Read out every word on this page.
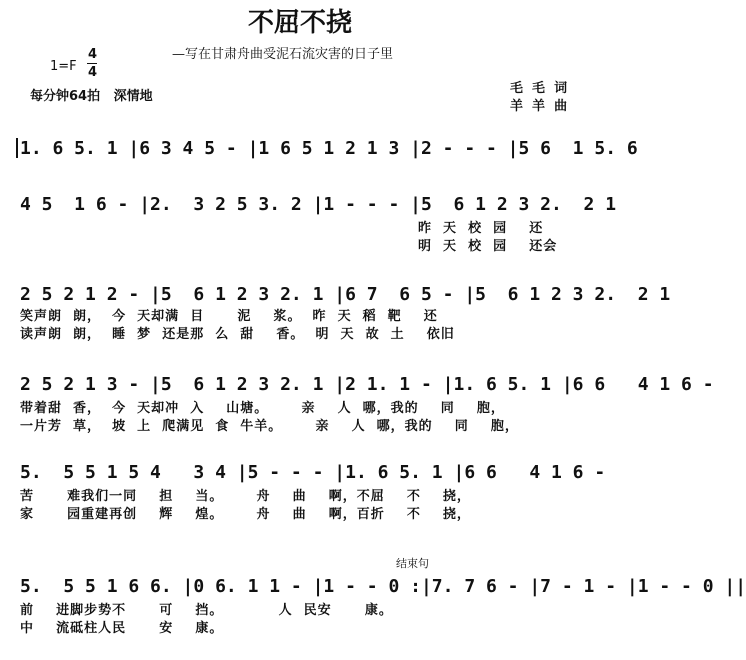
不屈不挠
—写在甘肃舟曲受泥石流灾害的日子里
1=F
4
4
每分钟64拍   深情地
毛  毛  词
羊  羊  曲
1. 6 5. 1 |6 3 4 5 - |1 6 5 1 2 1 3 |2 - - - |5 6  1 5. 6
4 5  1 6 - |2.  3 2 5 3. 2 |1 - - - |5  6 1 2 3 2.  2 1
昨  天  校  园    还
明  天  校  园    还会
2 5 2 1 2 - |5  6 1 2 3 2. 1 |6 7  6 5 - |5  6 1 2 3 2.  2 1
笑声朗  朗，  今  天却满  目      泥    浆。  昨  天  稻  靶    还
读声朗  朗，  睡  梦  还是那  么  甜    香。  明  天  故  土    依旧
2 5 2 1 3 - |5  6 1 2 3 2. 1 |2 1. 1 - |1. 6 5. 1 |6 6   4 1 6 -
带着甜  香，  今  天却冲  入    山塘。      亲    人  哪，我的    同    胞，
一片芳  草，  坡  上  爬满见  食  牛羊。      亲    人  哪，我的    同    胞，
5.  5 5 1 5 4   3 4 |5 - - - |1. 6 5. 1 |6 6   4 1 6 -
苦      难我们一同    担    当。      舟    曲    啊，不屈    不    挠，
家      园重建再创    辉    煌。      舟    曲    啊，百折    不    挠，
结束句
5.  5 5 1 6 6. |0 6. 1 1 - |1 - - 0 :|7. 7 6 - |7 - 1 - |1 - - 0 ||
前    进脚步势不      可    挡。          人  民安      康。
中    流砥柱人民      安    康。
